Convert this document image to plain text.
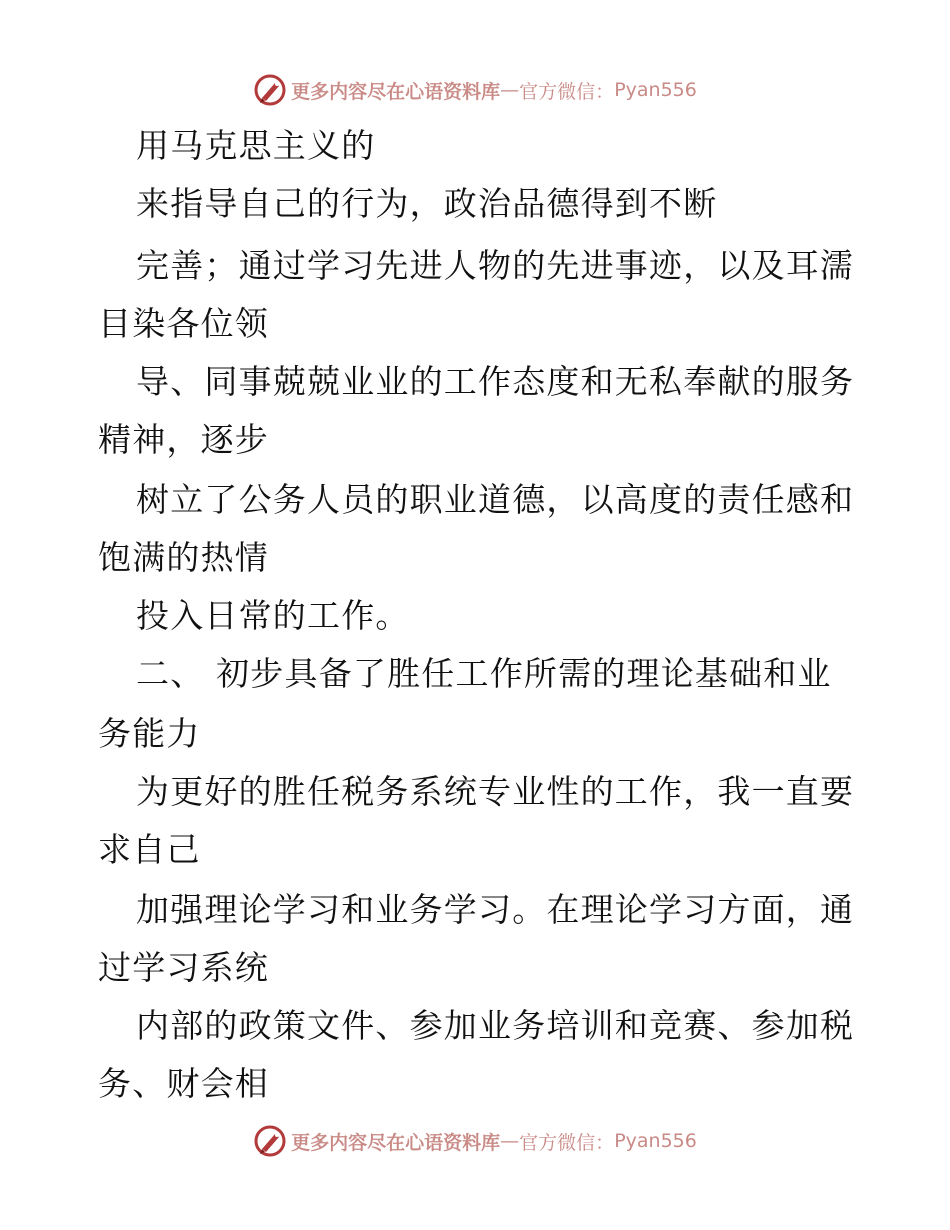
更多内容尽在心语资料库 — 官方微信： Pyan556
用马克思主义的
来指导自己的行为，政治品德得到不断
完善；通过学习先进人物的先进事迹，以及耳濡
目染各位领
导、同事兢兢业业的工作态度和无私奉献的服务
精神，逐步
树立了公务人员的职业道德，以高度的责任感和
饱满的热情
投入日常的工作。
二、 初步具备了胜任工作所需的理论基础和业
务能力
为更好的胜任税务系统专业性的工作，我一直要
求自己
加强理论学习和业务学习。在理论学习方面，通
过学习系统
内部的政策文件、参加业务培训和竞赛、参加税
务、财会相
更多内容尽在心语资料库 — 官方微信： Pyan556
